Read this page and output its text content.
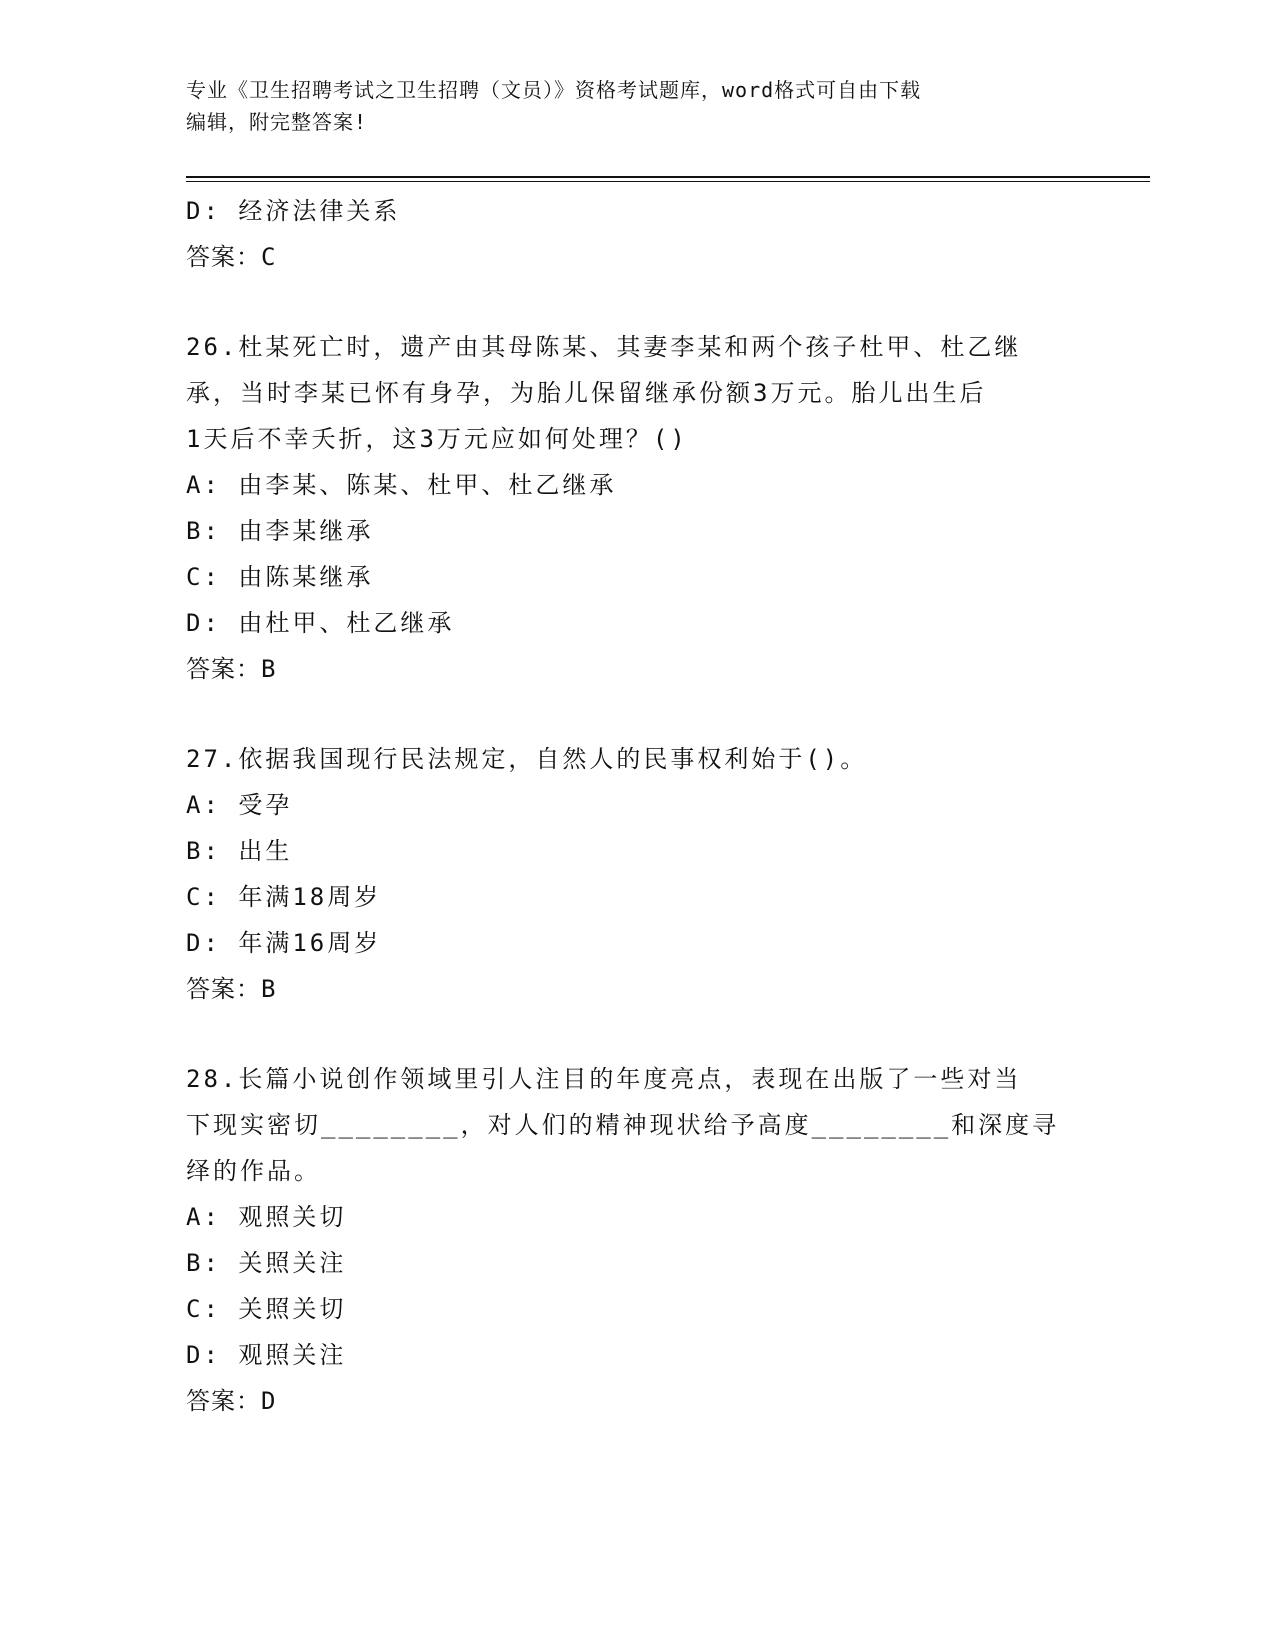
专业《卫生招聘考试之卫生招聘（文员）》资格考试题库，word格式可自由下载
编辑，附完整答案!
D: 经济法律关系
答案：C
26.杜某死亡时，遗产由其母陈某、其妻李某和两个孩子杜甲、杜乙继
承，当时李某已怀有身孕，为胎儿保留继承份额3万元。胎儿出生后
1天后不幸夭折，这3万元应如何处理？()
A: 由李某、陈某、杜甲、杜乙继承
B: 由李某继承
C: 由陈某继承
D: 由杜甲、杜乙继承
答案：B
27.依据我国现行民法规定，自然人的民事权利始于()。
A: 受孕
B: 出生
C: 年满18周岁
D: 年满16周岁
答案：B
28.长篇小说创作领域里引人注目的年度亮点，表现在出版了一些对当
下现实密切________，对人们的精神现状给予高度________和深度寻
绎的作品。
A: 观照关切
B: 关照关注
C: 关照关切
D: 观照关注
答案：D
